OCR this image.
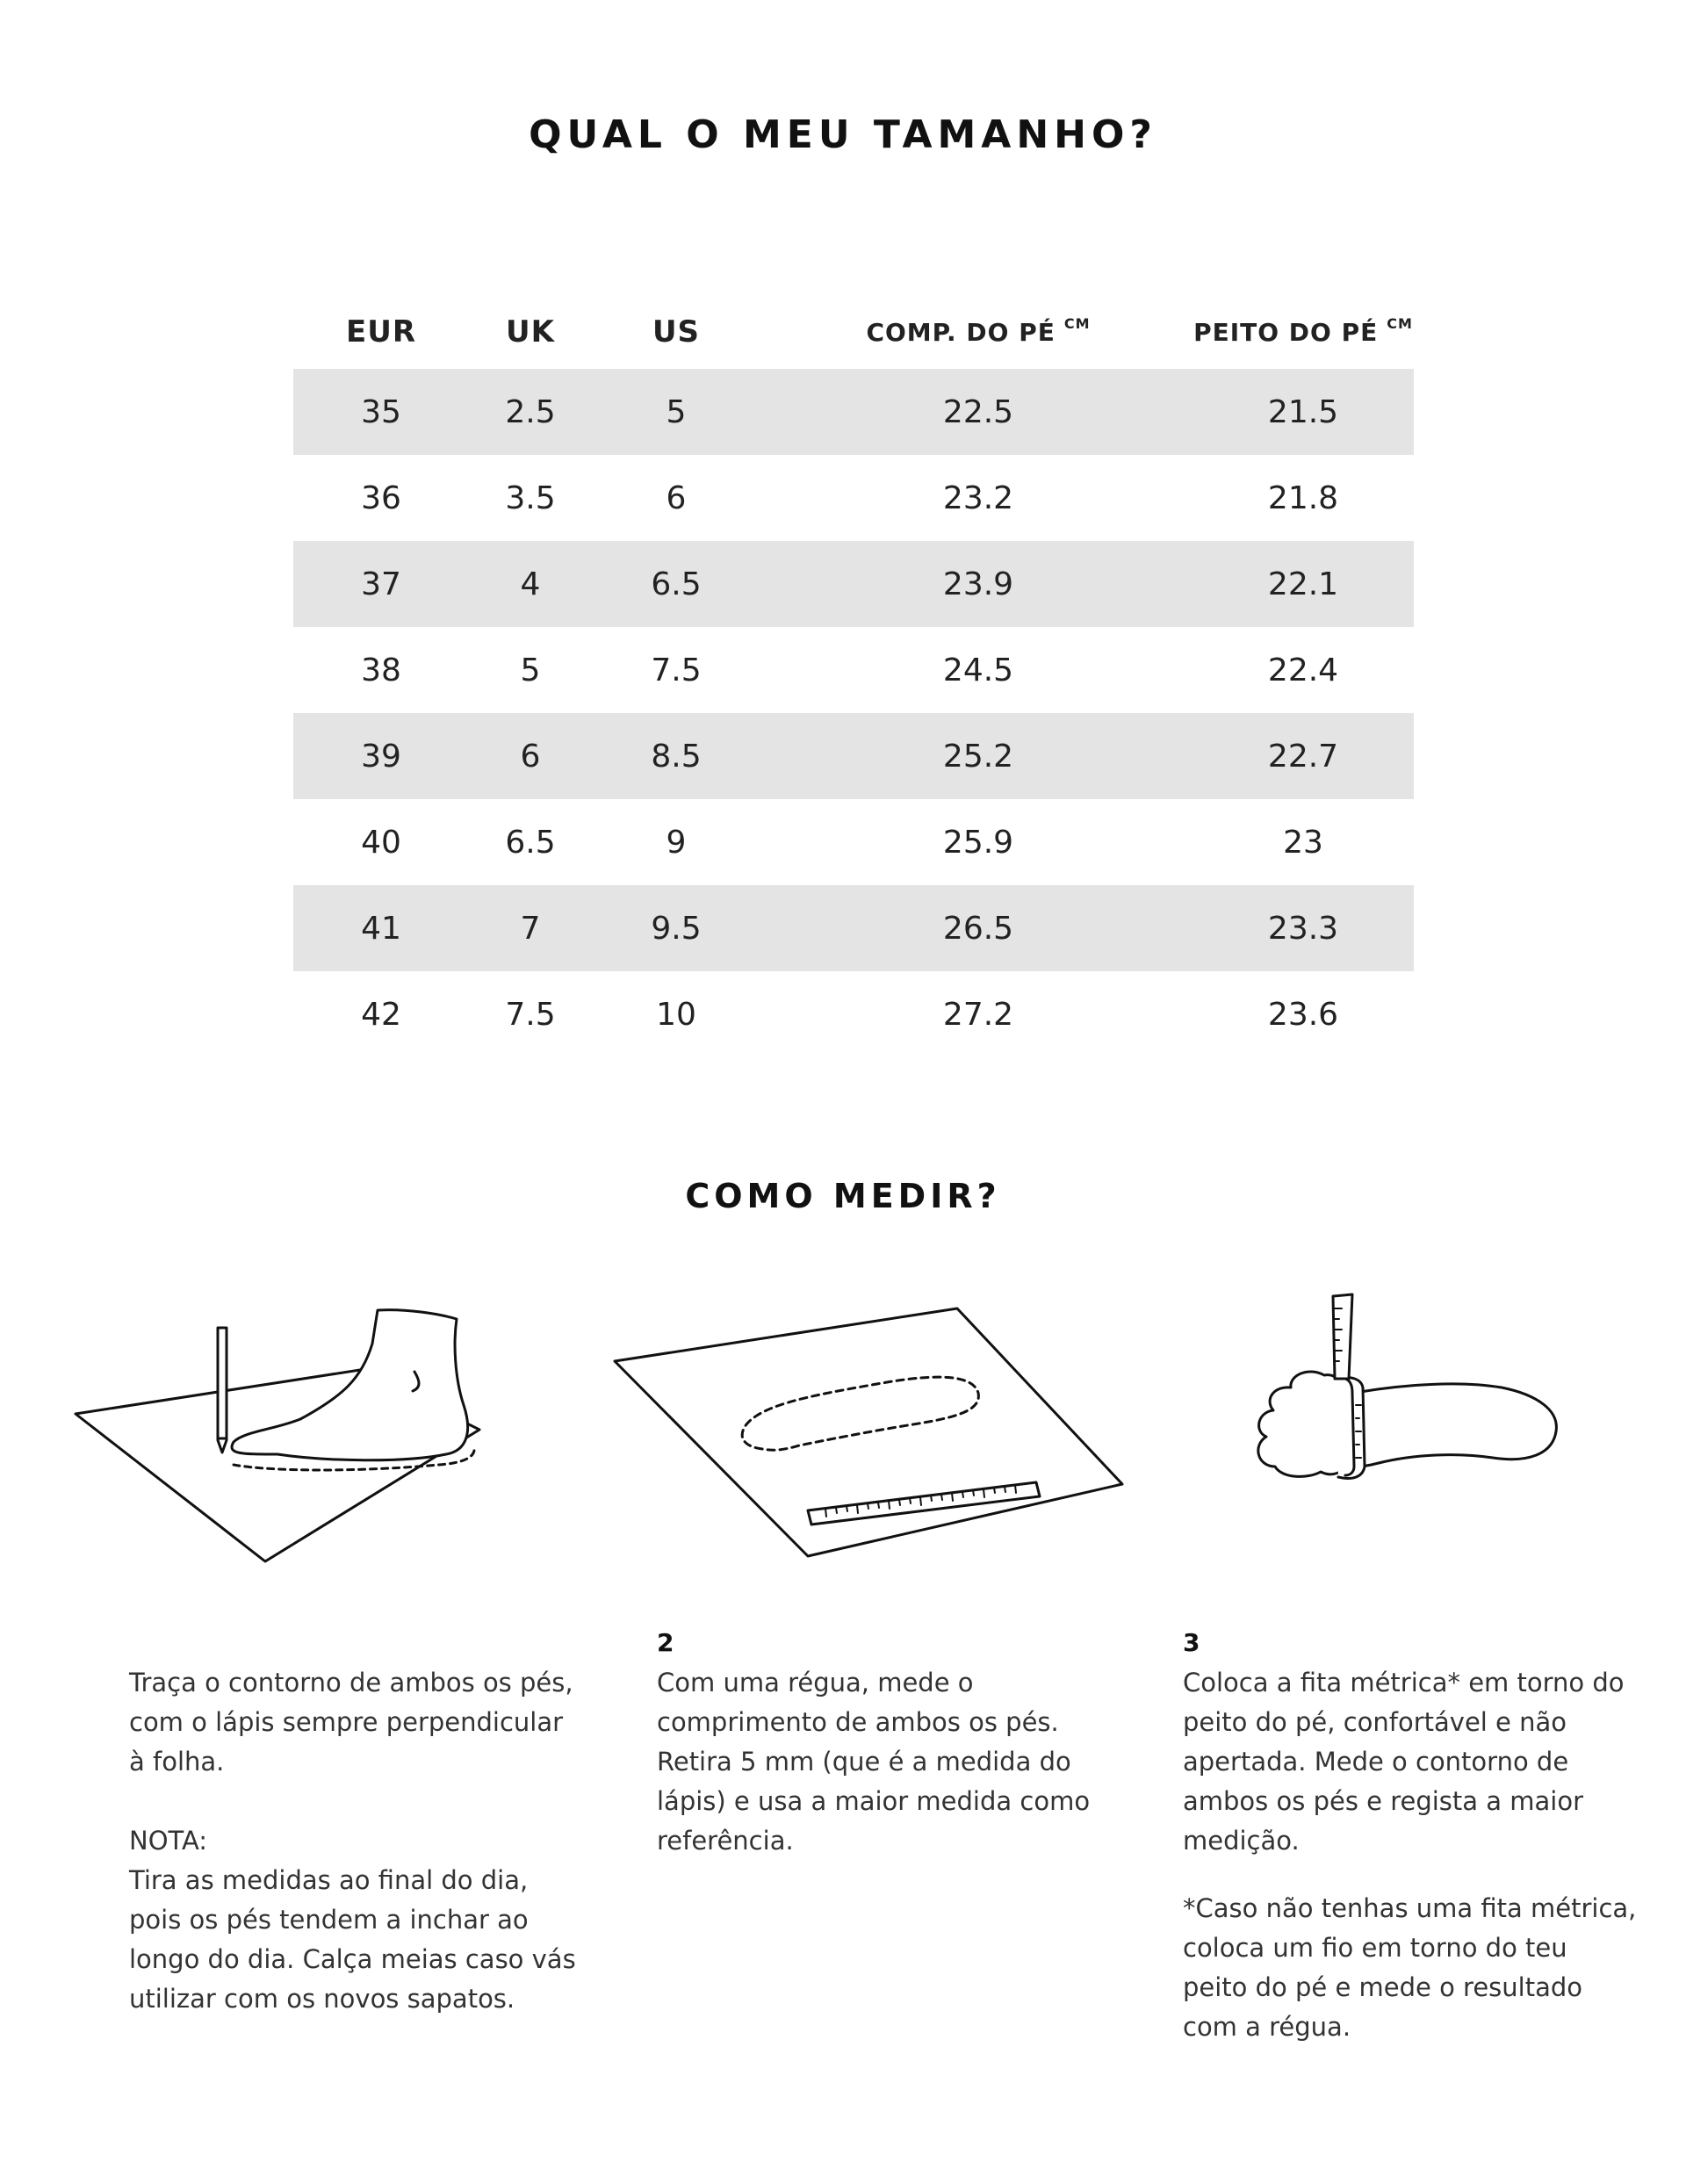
QUAL O MEU TAMANHO?
EUR	UK	US	COMP. DO PÉ CM	PEITO DO PÉ CM
35	2.5	5	22.5	21.5
36	3.5	6	23.2	21.8
37	4	6.5	23.9	22.1
38	5	7.5	24.5	22.4
39	6	8.5	25.2	22.7
40	6.5	9	25.9	23
41	7	9.5	26.5	23.3
42	7.5	10	27.2	23.6
COMO MEDIR?

Traça o contorno de ambos os pés, com o lápis sempre perpendicular à folha.

NOTA:

Tira as medidas ao final do dia, pois os pés tendem a inchar ao longo do dia. Calça meias caso vás utilizar com os novos sapatos.

2

Com uma régua, mede o comprimento de ambos os pés. Retira 5 mm (que é a medida do lápis) e usa a maior medida como referência.

3

Coloca a fita métrica* em torno do peito do pé, confortável e não apertada. Mede o contorno de ambos os pés e regista a maior medição.

*Caso não tenhas uma fita métrica, coloca um fio em torno do teu peito do pé e mede o resultado com a régua.
